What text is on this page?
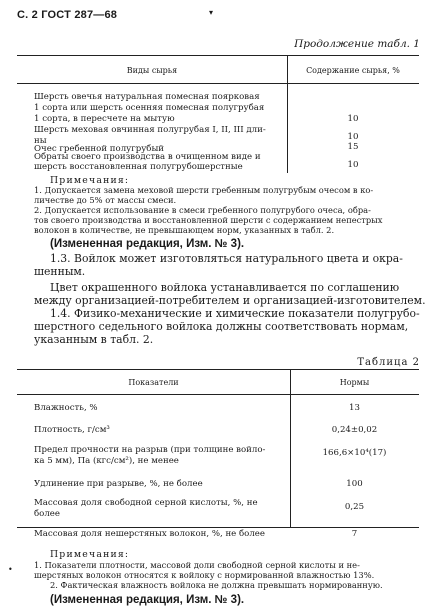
С. 2 ГОСТ 287—68	▾
Продолжение табл. 1
Виды сырья	Содержание сырья, %
Шерсть овечья натуральная помесная поярковая
1 сорта или шерсть осенняя помесная полугрубая
1 сорта, в пересчете на мытую	10
Шерсть меховая овчинная полугрубая I, II, III дли-
ны	10
Очес гребенной полугрубый	15
Обраты своего производства в очищенном виде и
шерсть восстановленная полугрубошерстные	10
Примечания:
1. Допускается замена меховой шерсти гребенным полугрубым очесом в ко-
личестве до 5% от массы смеси.
2. Допускается использование в смеси гребенного полугрубого очеса, обра-
тов своего производства и восстановленной шерсти с содержанием непестрых
волокон в количестве, не превышающем норм, указанных в табл. 2.
(Измененная редакция, Изм. № 3).
1.3. Войлок может изготовляться натурального цвета и окра-
шенным.
Цвет окрашенного войлока устанавливается по соглашению
между организацией-потребителем и организацией-изготовителем.
1.4. Физико-механические и химические показатели полугрубо-
шерстного седельного войлока должны соответствовать нормам,
указанным в табл. 2.
Таблица 2
Показатели	Нормы
Влажность, %	13
Плотность, г/см³	0,24±0,02
Предел прочности на разрыв (при толщине войло-
ка 5 мм), Па (кгс/см²), не менее
166,6×10⁴(17)
Удлинение при разрыве, %, не более	100
Массовая доля свободной серной кислоты, %, не
более
0,25
Массовая доля нешерстяных волокон, %, не более	7
Примечания:
1. Показатели плотности, массовой доли свободной серной кислоты и не-
шерстяных волокон относятся к войлоку с нормированной влажностью 13%.
2. Фактическая влажность войлока не должна превышать нормированную.
•
(Измененная редакция, Изм. № 3).
